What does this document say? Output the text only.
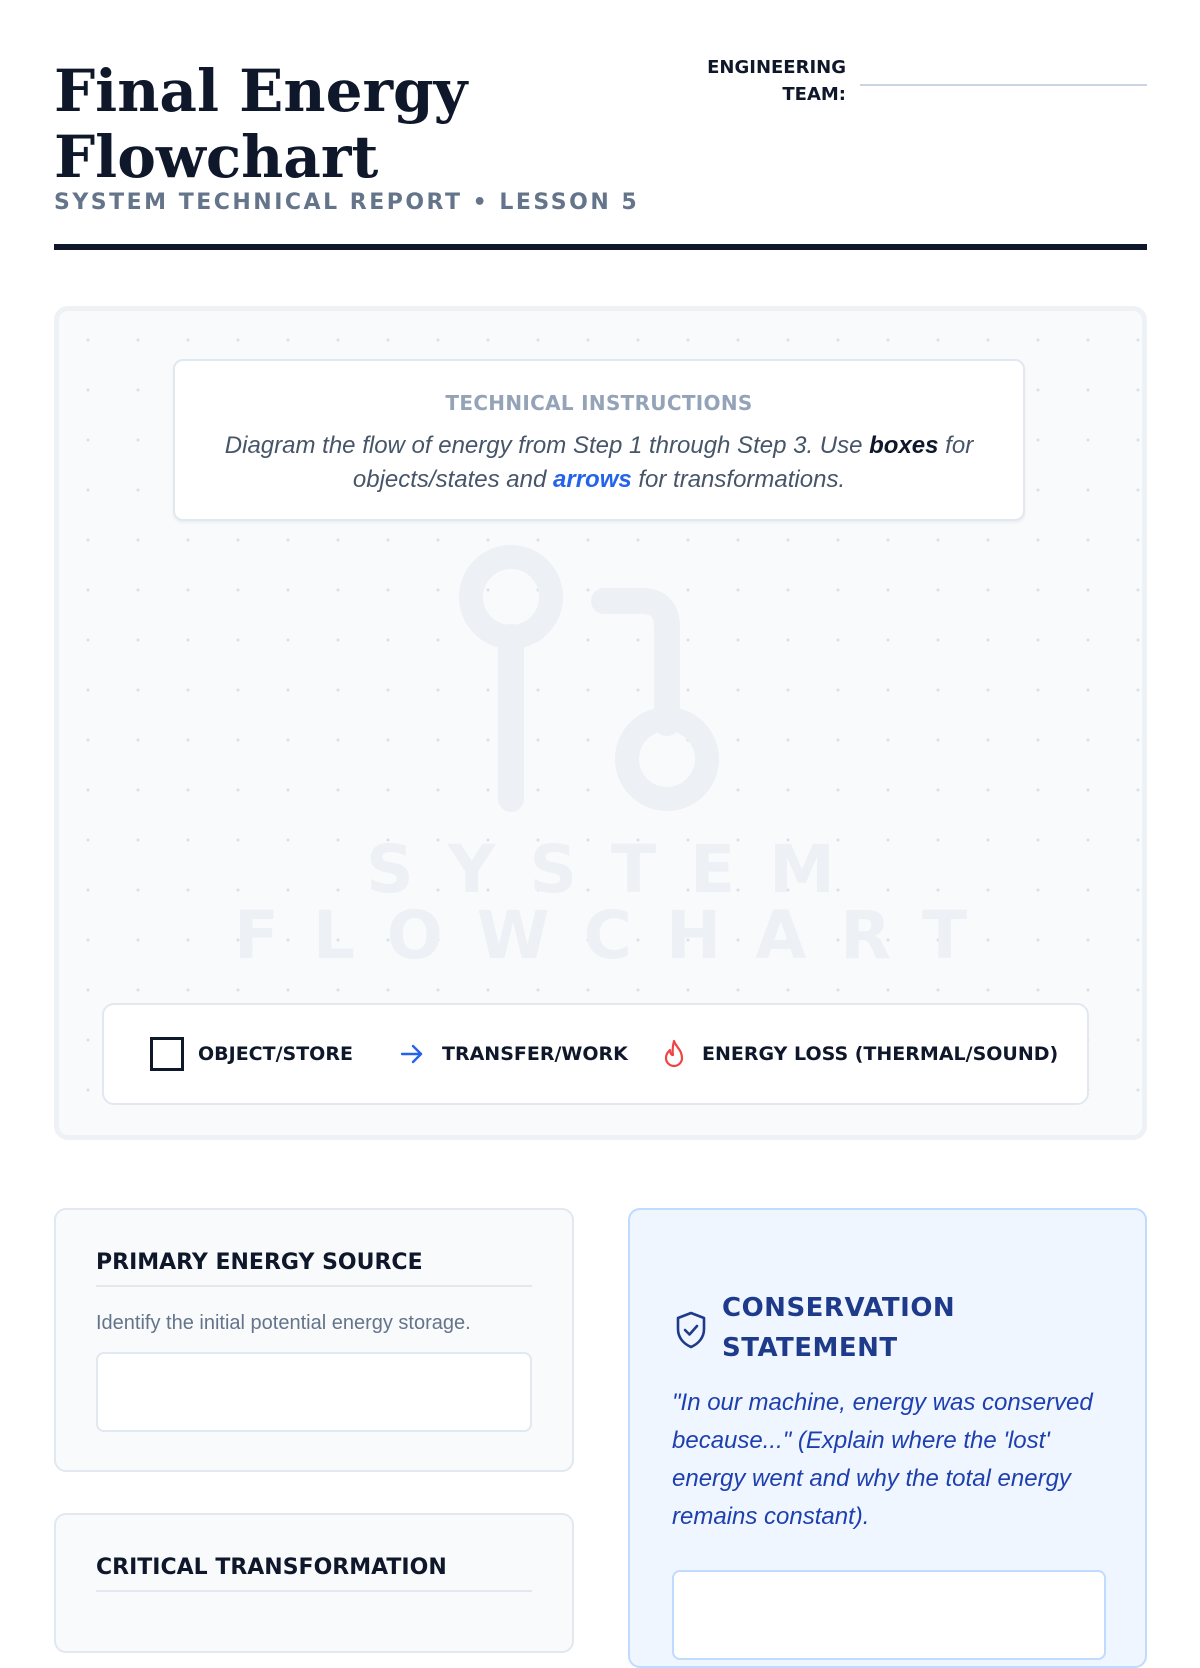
Final Energy Flowchart
SYSTEM TECHNICAL REPORT • LESSON 5
ENGINEERING TEAM:
TECHNICAL INSTRUCTIONS
Diagram the flow of energy from Step 1 through Step 3. Use boxes for objects/states and arrows for transformations.
SYSTEM
FLOWCHART
OBJECT/STORE	TRANSFER/WORK	ENERGY LOSS (THERMAL/SOUND)
PRIMARY ENERGY SOURCE
Identify the initial potential energy storage.
CRITICAL TRANSFORMATION
CONSERVATION STATEMENT
"In our machine, energy was conserved because..." (Explain where the 'lost' energy went and why the total energy remains constant).
